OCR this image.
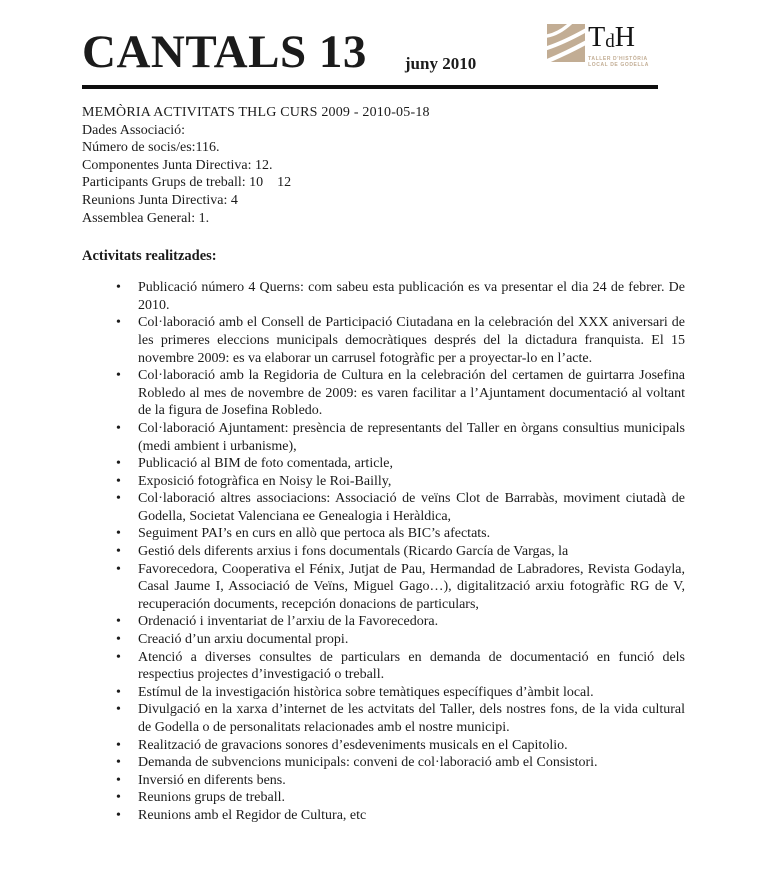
CANTALS 13 juny 2010
TdH
TALLER D'HISTÒRIA
LOCAL DE GODELLA

MEMÒRIA ACTIVITATS THLG CURS 2009 - 2010-05-18

Dades Associació:

Número de socis/es:116.

Componentes Junta Directiva: 12.

Participants Grups de treball: 10    12

Reunions Junta Directiva: 4

Assemblea General: 1.

Activitats realitzades:

• Publicació número 4 Querns: com sabeu esta publicación es va presentar el dia 24 de febrer. De 2010.
• Col·laboració amb el Consell de Participació Ciutadana en la celebración del XXX aniversari de les primeres eleccions municipals democràtiques després del la dictadura franquista. El 15 novembre 2009: es va elaborar un carrusel fotogràfic per a proyectar-lo en l’acte.
• Col·laboració amb la Regidoria de Cultura en la celebración del certamen de guirtarra Josefina Robledo al mes de novembre de 2009: es varen facilitar a l’Ajuntament documentació al voltant de la figura de Josefina Robledo.
• Col·laboració Ajuntament: presència de representants del Taller en òrgans consultius municipals (medi ambient i urbanisme),
• Publicació al BIM de foto comentada, article,
• Exposició fotogràfica en Noisy le Roi-Bailly,
• Col·laboració altres associacions: Associació de veïns Clot de Barrabàs, moviment ciutadà de Godella, Societat Valenciana ee Genealogia i Heràldica,
• Seguiment PAI’s en curs en allò que pertoca als BIC’s afectats.
• Gestió dels diferents arxius i fons documentals (Ricardo García de Vargas, la
• Favorecedora, Cooperativa el Fénix, Jutjat de Pau, Hermandad de Labradores, Revista Godayla, Casal Jaume I, Associació de Veïns, Miguel Gago…), digitalització arxiu fotogràfic RG de V, recuperación documents, recepción donacions de particulars,
• Ordenació i inventariat de l’arxiu de la Favorecedora.
• Creació d’un arxiu documental propi.
• Atenció a diverses consultes de particulars en demanda de documentació en funció dels respectius projectes d’investigació o treball.
• Estímul de la investigación històrica sobre temàtiques específiques d’àmbit local.
• Divulgació en la xarxa d’internet de les actvitats del Taller, dels nostres fons, de la vida cultural de Godella o de personalitats relacionades amb el nostre municipi.
• Realització de gravacions sonores d’esdeveniments musicals en el Capitolio.
• Demanda de subvencions municipals: conveni de col·laboració amb el Consistori.
• Inversió en diferents bens.
• Reunions grups de treball.
• Reunions amb el Regidor de Cultura, etc
